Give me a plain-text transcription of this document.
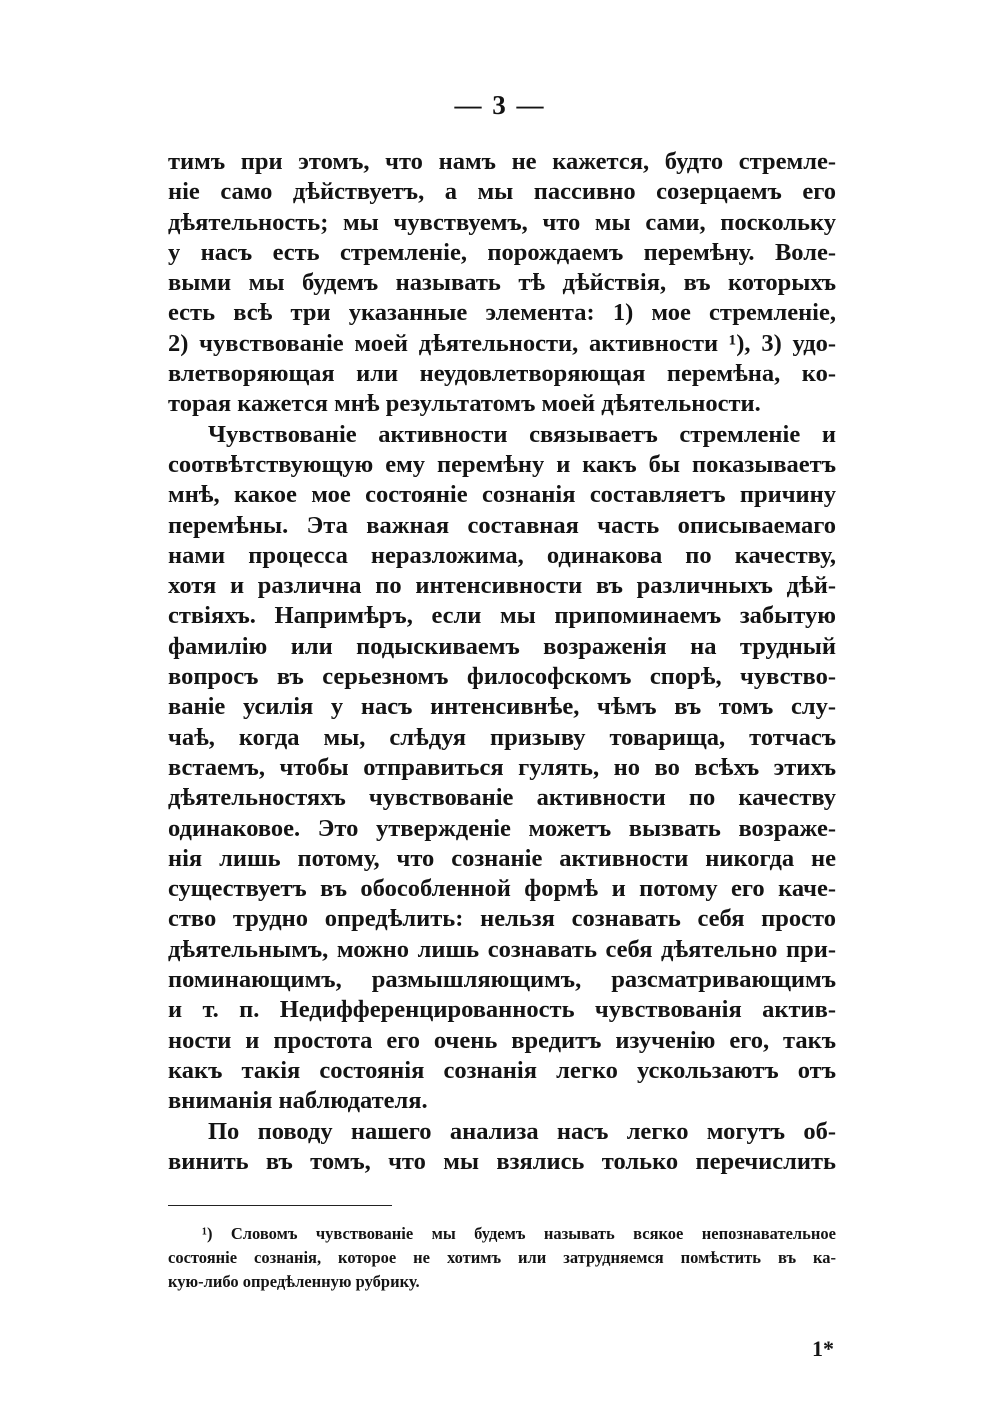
— 3 —
тимъ при этомъ, что намъ не кажется, будто стремле-
ніе само дѣйствуетъ, а мы пассивно созерцаемъ его
дѣятельность; мы чувствуемъ, что мы сами, поскольку
у насъ есть стремленіе, порождаемъ перемѣну. Воле-
выми мы будемъ называть тѣ дѣйствія, въ которыхъ
есть всѣ три указанные элемента: 1) мое стремленіе,
2) чувствованіе моей дѣятельности, активности ¹), 3) удо-
влетворяющая или неудовлетворяющая перемѣна, ко-
торая кажется мнѣ результатомъ моей дѣятельности.
Чувствованіе активности связываетъ стремленіе и
соотвѣтствующую ему перемѣну и какъ бы показываетъ
мнѣ, какое мое состояніе сознанія составляетъ причину
перемѣны. Эта важная составная часть описываемаго
нами процесса неразложима, одинакова по качеству,
хотя и различна по интенсивности въ различныхъ дѣй-
ствіяхъ. Напримѣръ, если мы припоминаемъ забытую
фамилію или подыскиваемъ возраженія на трудный
вопросъ въ серьезномъ философскомъ спорѣ, чувство-
ваніе усилія у насъ интенсивнѣе, чѣмъ въ томъ слу-
чаѣ, когда мы, слѣдуя призыву товарища, тотчасъ
встаемъ, чтобы отправиться гулять, но во всѣхъ этихъ
дѣятельностяхъ чувствованіе активности по качеству
одинаковое. Это утвержденіе можетъ вызвать возраже-
нія лишь потому, что сознаніе активности никогда не
существуетъ въ обособленной формѣ и потому его каче-
ство трудно опредѣлить: нельзя сознавать себя просто
дѣятельнымъ, можно лишь сознавать себя дѣятельно при-
поминающимъ, размышляющимъ, разсматривающимъ
и т. п. Недифференцированность чувствованія актив-
ности и простота его очень вредитъ изученію его, такъ
какъ такія состоянія сознанія легко ускользаютъ отъ
вниманія наблюдателя.
По поводу нашего анализа насъ легко могутъ об-
винить въ томъ, что мы взялись только перечислить
¹) Словомъ чувствованіе мы будемъ называть всякое непознавательное
состояніе сознанія, которое не хотимъ или затрудняемся помѣстить въ ка-
кую-либо опредѣленную рубрику.
1*
